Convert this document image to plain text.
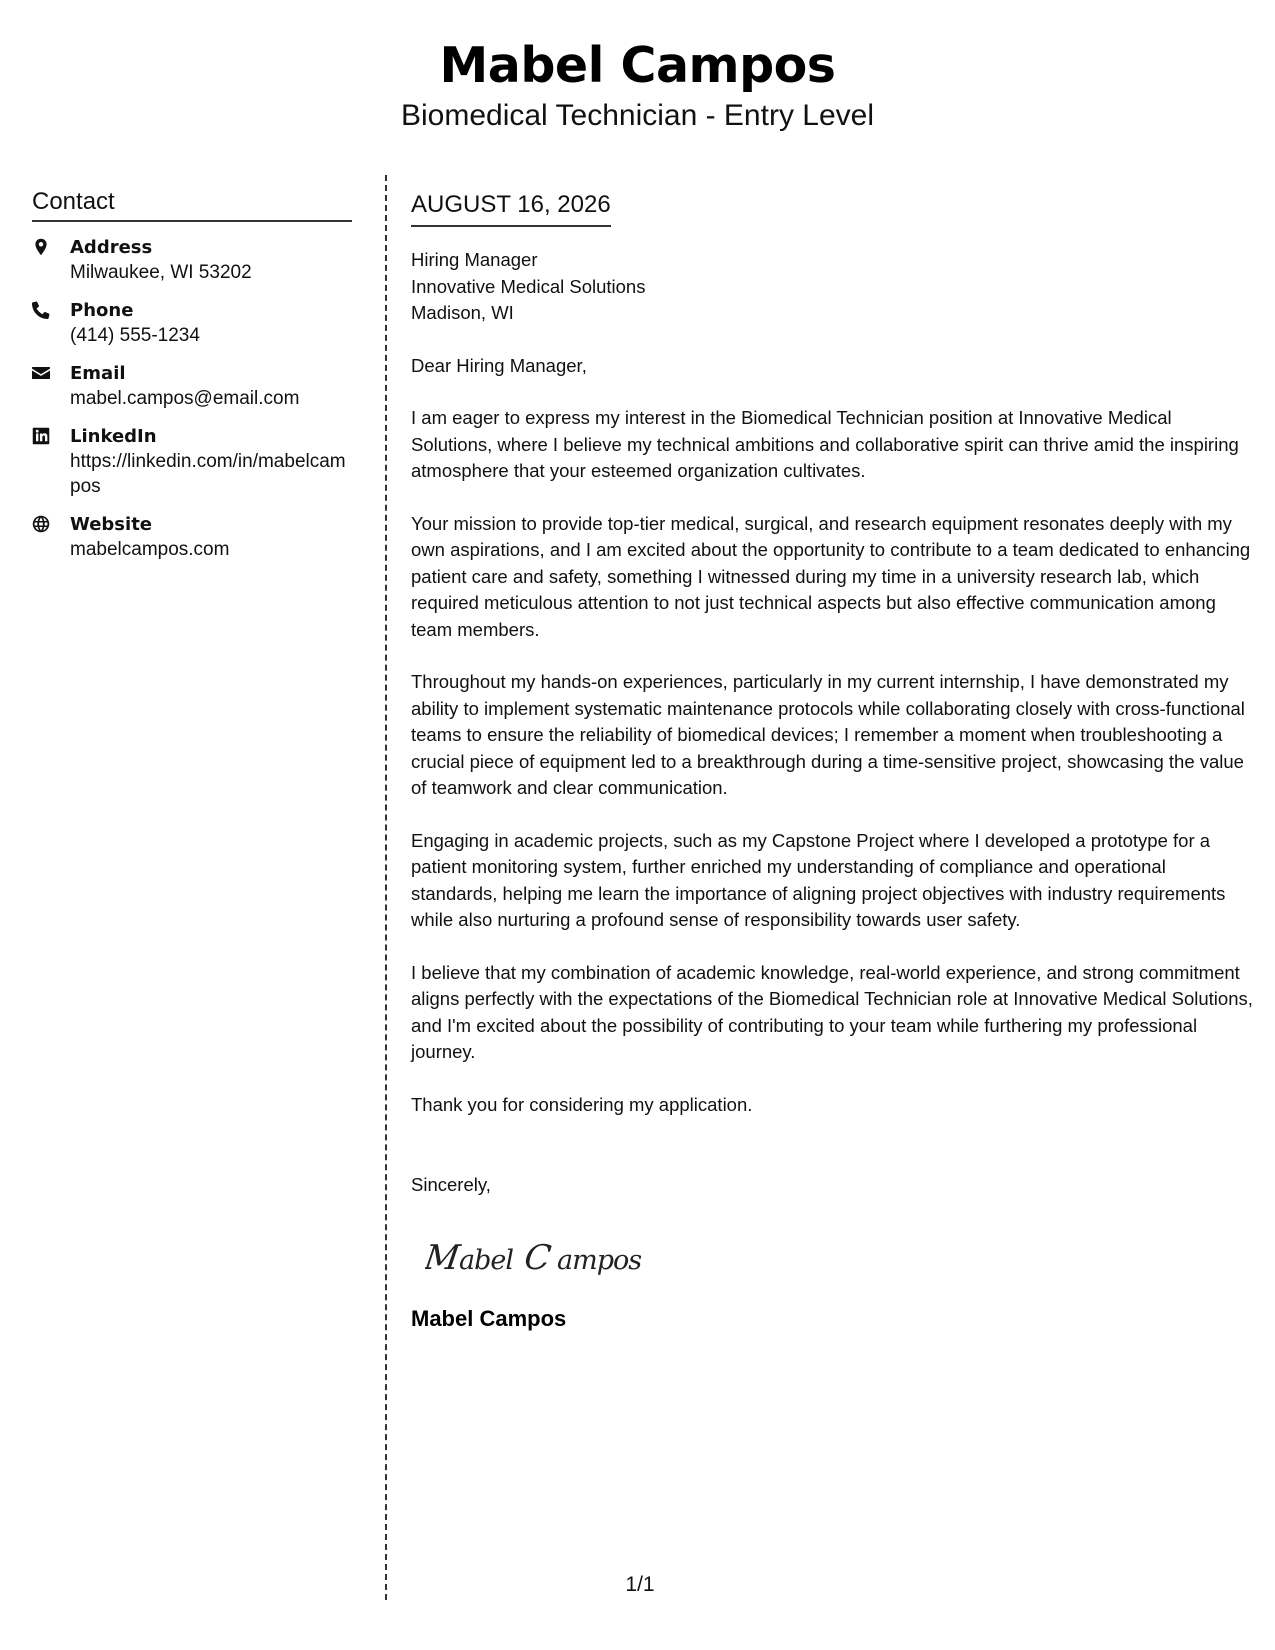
Mabel Campos
Biomedical Technician - Entry Level
Contact
Address
Milwaukee, WI 53202
Phone
(414) 555-1234
Email
mabel.campos@email.com
LinkedIn
https://linkedin.com/in/mabelcampos
Website
mabelcampos.com
AUGUST 16, 2026
Hiring Manager
Innovative Medical Solutions
Madison, WI

Dear Hiring Manager,

I am eager to express my interest in the Biomedical Technician position at Innovative Medical Solutions, where I believe my technical ambitions and collaborative spirit can thrive amid the inspiring atmosphere that your esteemed organization cultivates.

Your mission to provide top-tier medical, surgical, and research equipment resonates deeply with my own aspirations, and I am excited about the opportunity to contribute to a team dedicated to enhancing patient care and safety, something I witnessed during my time in a university research lab, which required meticulous attention to not just technical aspects but also effective communication among team members.

Throughout my hands-on experiences, particularly in my current internship, I have demonstrated my ability to implement systematic maintenance protocols while collaborating closely with cross-functional teams to ensure the reliability of biomedical devices; I remember a moment when troubleshooting a crucial piece of equipment led to a breakthrough during a time-sensitive project, showcasing the value of teamwork and clear communication.

Engaging in academic projects, such as my Capstone Project where I developed a prototype for a patient monitoring system, further enriched my understanding of compliance and operational standards, helping me learn the importance of aligning project objectives with industry requirements while also nurturing a profound sense of responsibility towards user safety.

I believe that my combination of academic knowledge, real-world experience, and strong commitment aligns perfectly with the expectations of the Biomedical Technician role at Innovative Medical Solutions, and I'm excited about the possibility of contributing to your team while furthering my professional journey.

Thank you for considering my application.

Sincerely,

M
abel C ampos
Mabel Campos
1/1
